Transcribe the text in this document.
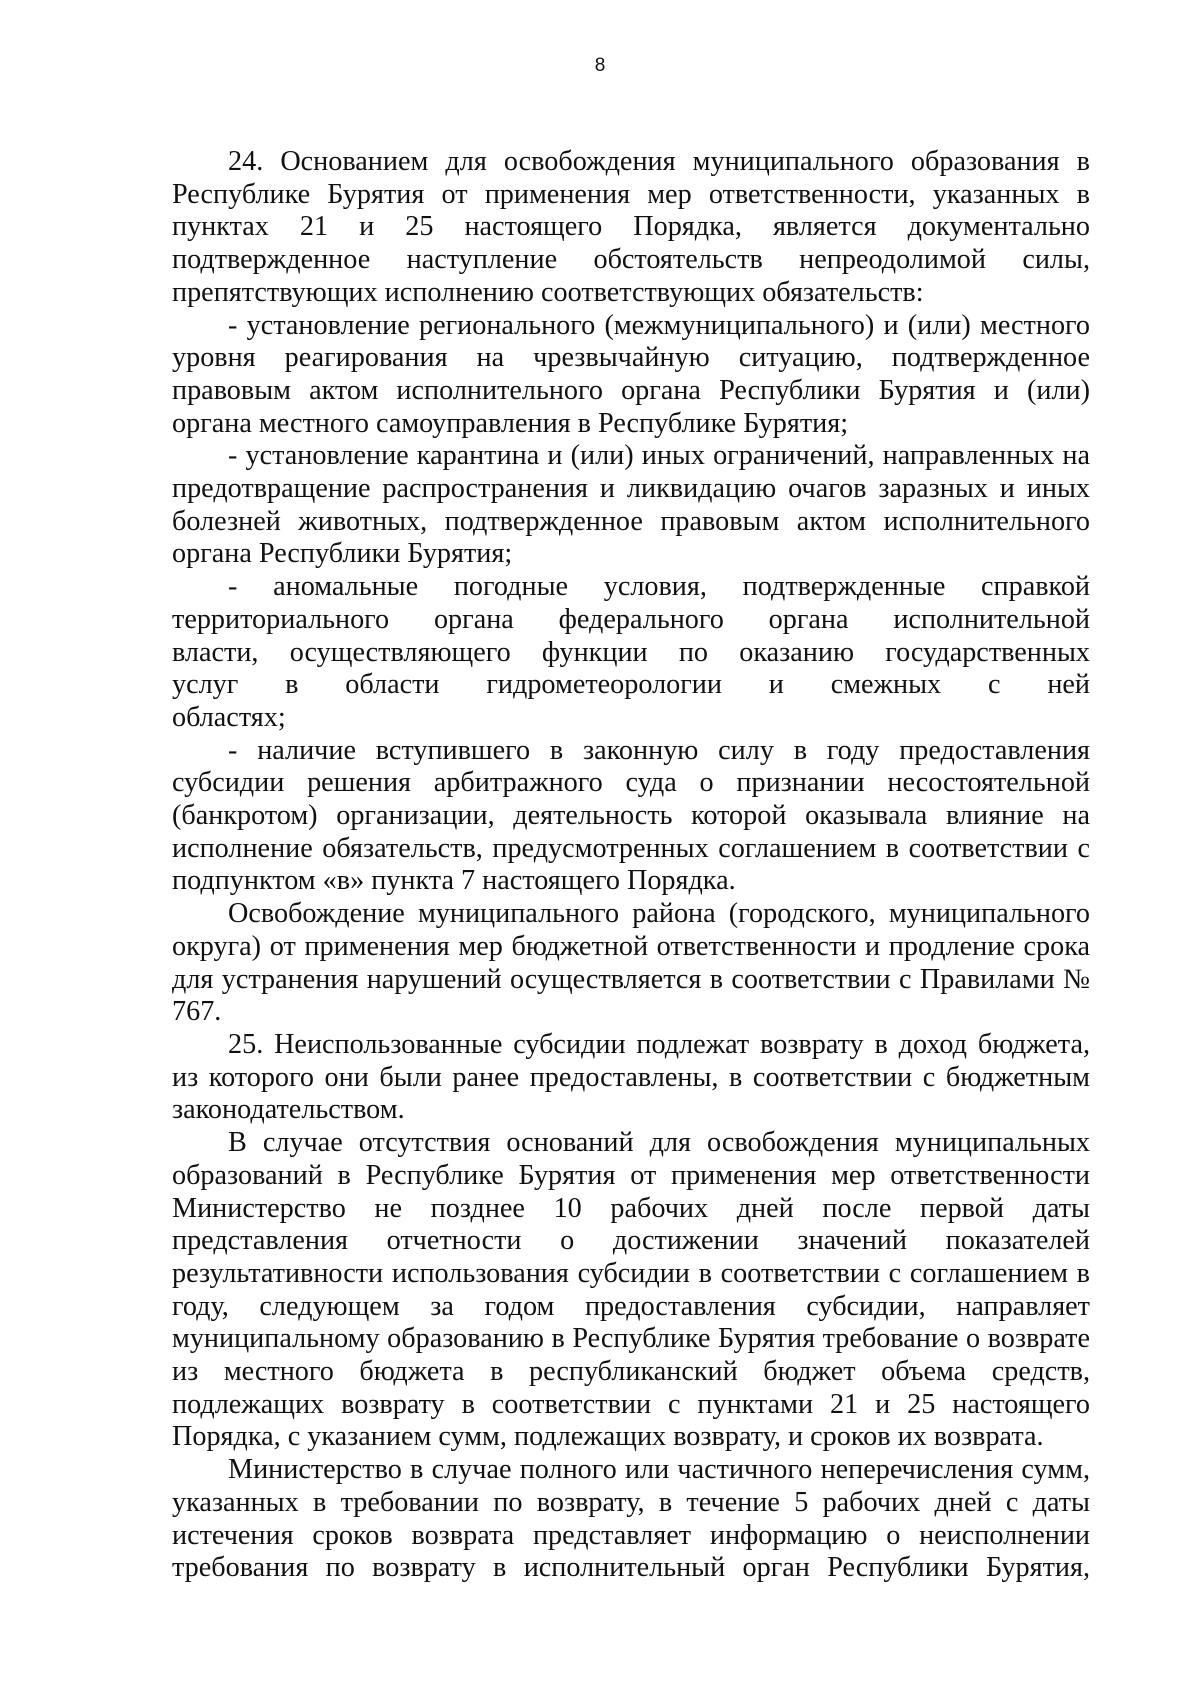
8

24. Основанием для освобождения муниципального образования в Республике Бурятия от применения мер ответственности, указанных в пунктах 21 и 25 настоящего Порядка, является документально подтвержденное наступление обстоятельств непреодолимой силы, препятствующих исполнению соответствующих обязательств:

- установление регионального (межмуниципального) и (или) местного уровня реагирования на чрезвычайную ситуацию, подтвержденное правовым актом исполнительного органа Республики Бурятия и (или) органа местного самоуправления в Республике Бурятия;

- установление карантина и (или) иных ограничений, направленных на предотвращение распространения и ликвидацию очагов заразных и иных болезней животных, подтвержденное правовым актом исполнительного органа Республики Бурятия;

- аномальные погодные условия, подтвержденные справкой территориального органа федерального органа исполнительной власти, осуществляющего функции по оказанию государственных услуг в области гидрометеорологии и смежных с ней областях;

- наличие вступившего в законную силу в году предоставления субсидии решения арбитражного суда о признании несостоятельной (банкротом) организации, деятельность которой оказывала влияние на исполнение обязательств, предусмотренных соглашением в соответствии с подпунктом «в» пункта 7 настоящего Порядка.

Освобождение муниципального района (городского, муниципального округа) от применения мер бюджетной ответственности и продление срока для устранения нарушений осуществляется в соответствии с Правилами № 767.

25. Неиспользованные субсидии подлежат возврату в доход бюджета, из которого они были ранее предоставлены, в соответствии с бюджетным законодательством.

В случае отсутствия оснований для освобождения муниципальных образований в Республике Бурятия от применения мер ответственности Министерство не позднее 10 рабочих дней после первой даты представления отчетности о достижении значений показателей результативности использования субсидии в соответствии с соглашением в году, следующем за годом предоставления субсидии, направляет муниципальному образованию в Республике Бурятия требование о возврате из местного бюджета в республиканский бюджет объема средств, подлежащих возврату в соответствии с пунктами 21 и 25 настоящего Порядка, с указанием сумм, подлежащих возврату, и сроков их возврата.

Министерство в случае полного или частичного неперечисления сумм, указанных в требовании по возврату, в течение 5 рабочих дней с даты истечения сроков возврата представляет информацию о неисполнении требования по возврату в исполнительный орган Республики Бурятия,
